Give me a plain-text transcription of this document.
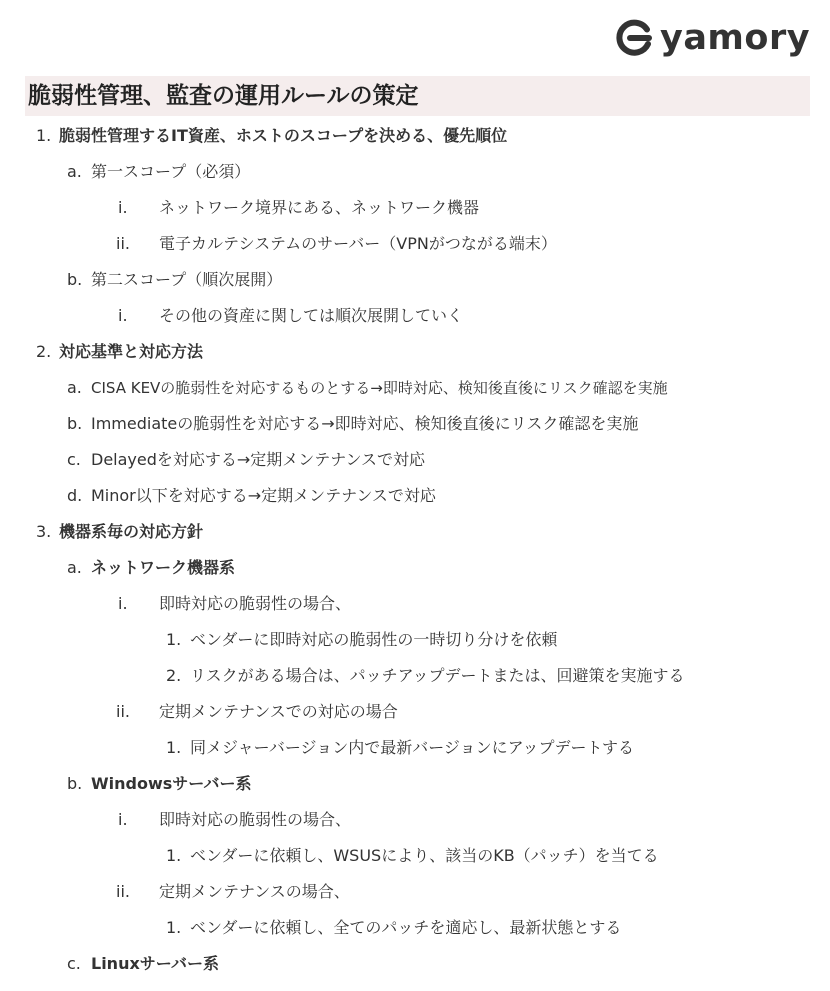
yamory
脆弱性管理、監査の運用ルールの策定
1. 脆弱性管理するIT資産、ホストのスコープを決める、優先順位
a. 第一スコープ（必須）
i. ネットワーク境界にある、ネットワーク機器
ii. 電子カルテシステムのサーバー（VPNがつながる端末）
b. 第二スコープ（順次展開）
i. その他の資産に関しては順次展開していく
2. 対応基準と対応方法
a. CISA KEVの脆弱性を対応するものとする→即時対応、検知後直後にリスク確認を実施
b. Immediateの脆弱性を対応する→即時対応、検知後直後にリスク確認を実施
c. Delayedを対応する→定期メンテナンスで対応
d. Minor以下を対応する→定期メンテナンスで対応
3. 機器系毎の対応方針
a. ネットワーク機器系
i. 即時対応の脆弱性の場合、
1. ベンダーに即時対応の脆弱性の一時切り分けを依頼
2. リスクがある場合は、パッチアップデートまたは、回避策を実施する
ii. 定期メンテナンスでの対応の場合
1. 同メジャーバージョン内で最新バージョンにアップデートする
b. Windowsサーバー系
i. 即時対応の脆弱性の場合、
1. ベンダーに依頼し、WSUSにより、該当のKB（パッチ）を当てる
ii. 定期メンテナンスの場合、
1. ベンダーに依頼し、全てのパッチを適応し、最新状態とする
c. Linuxサーバー系
